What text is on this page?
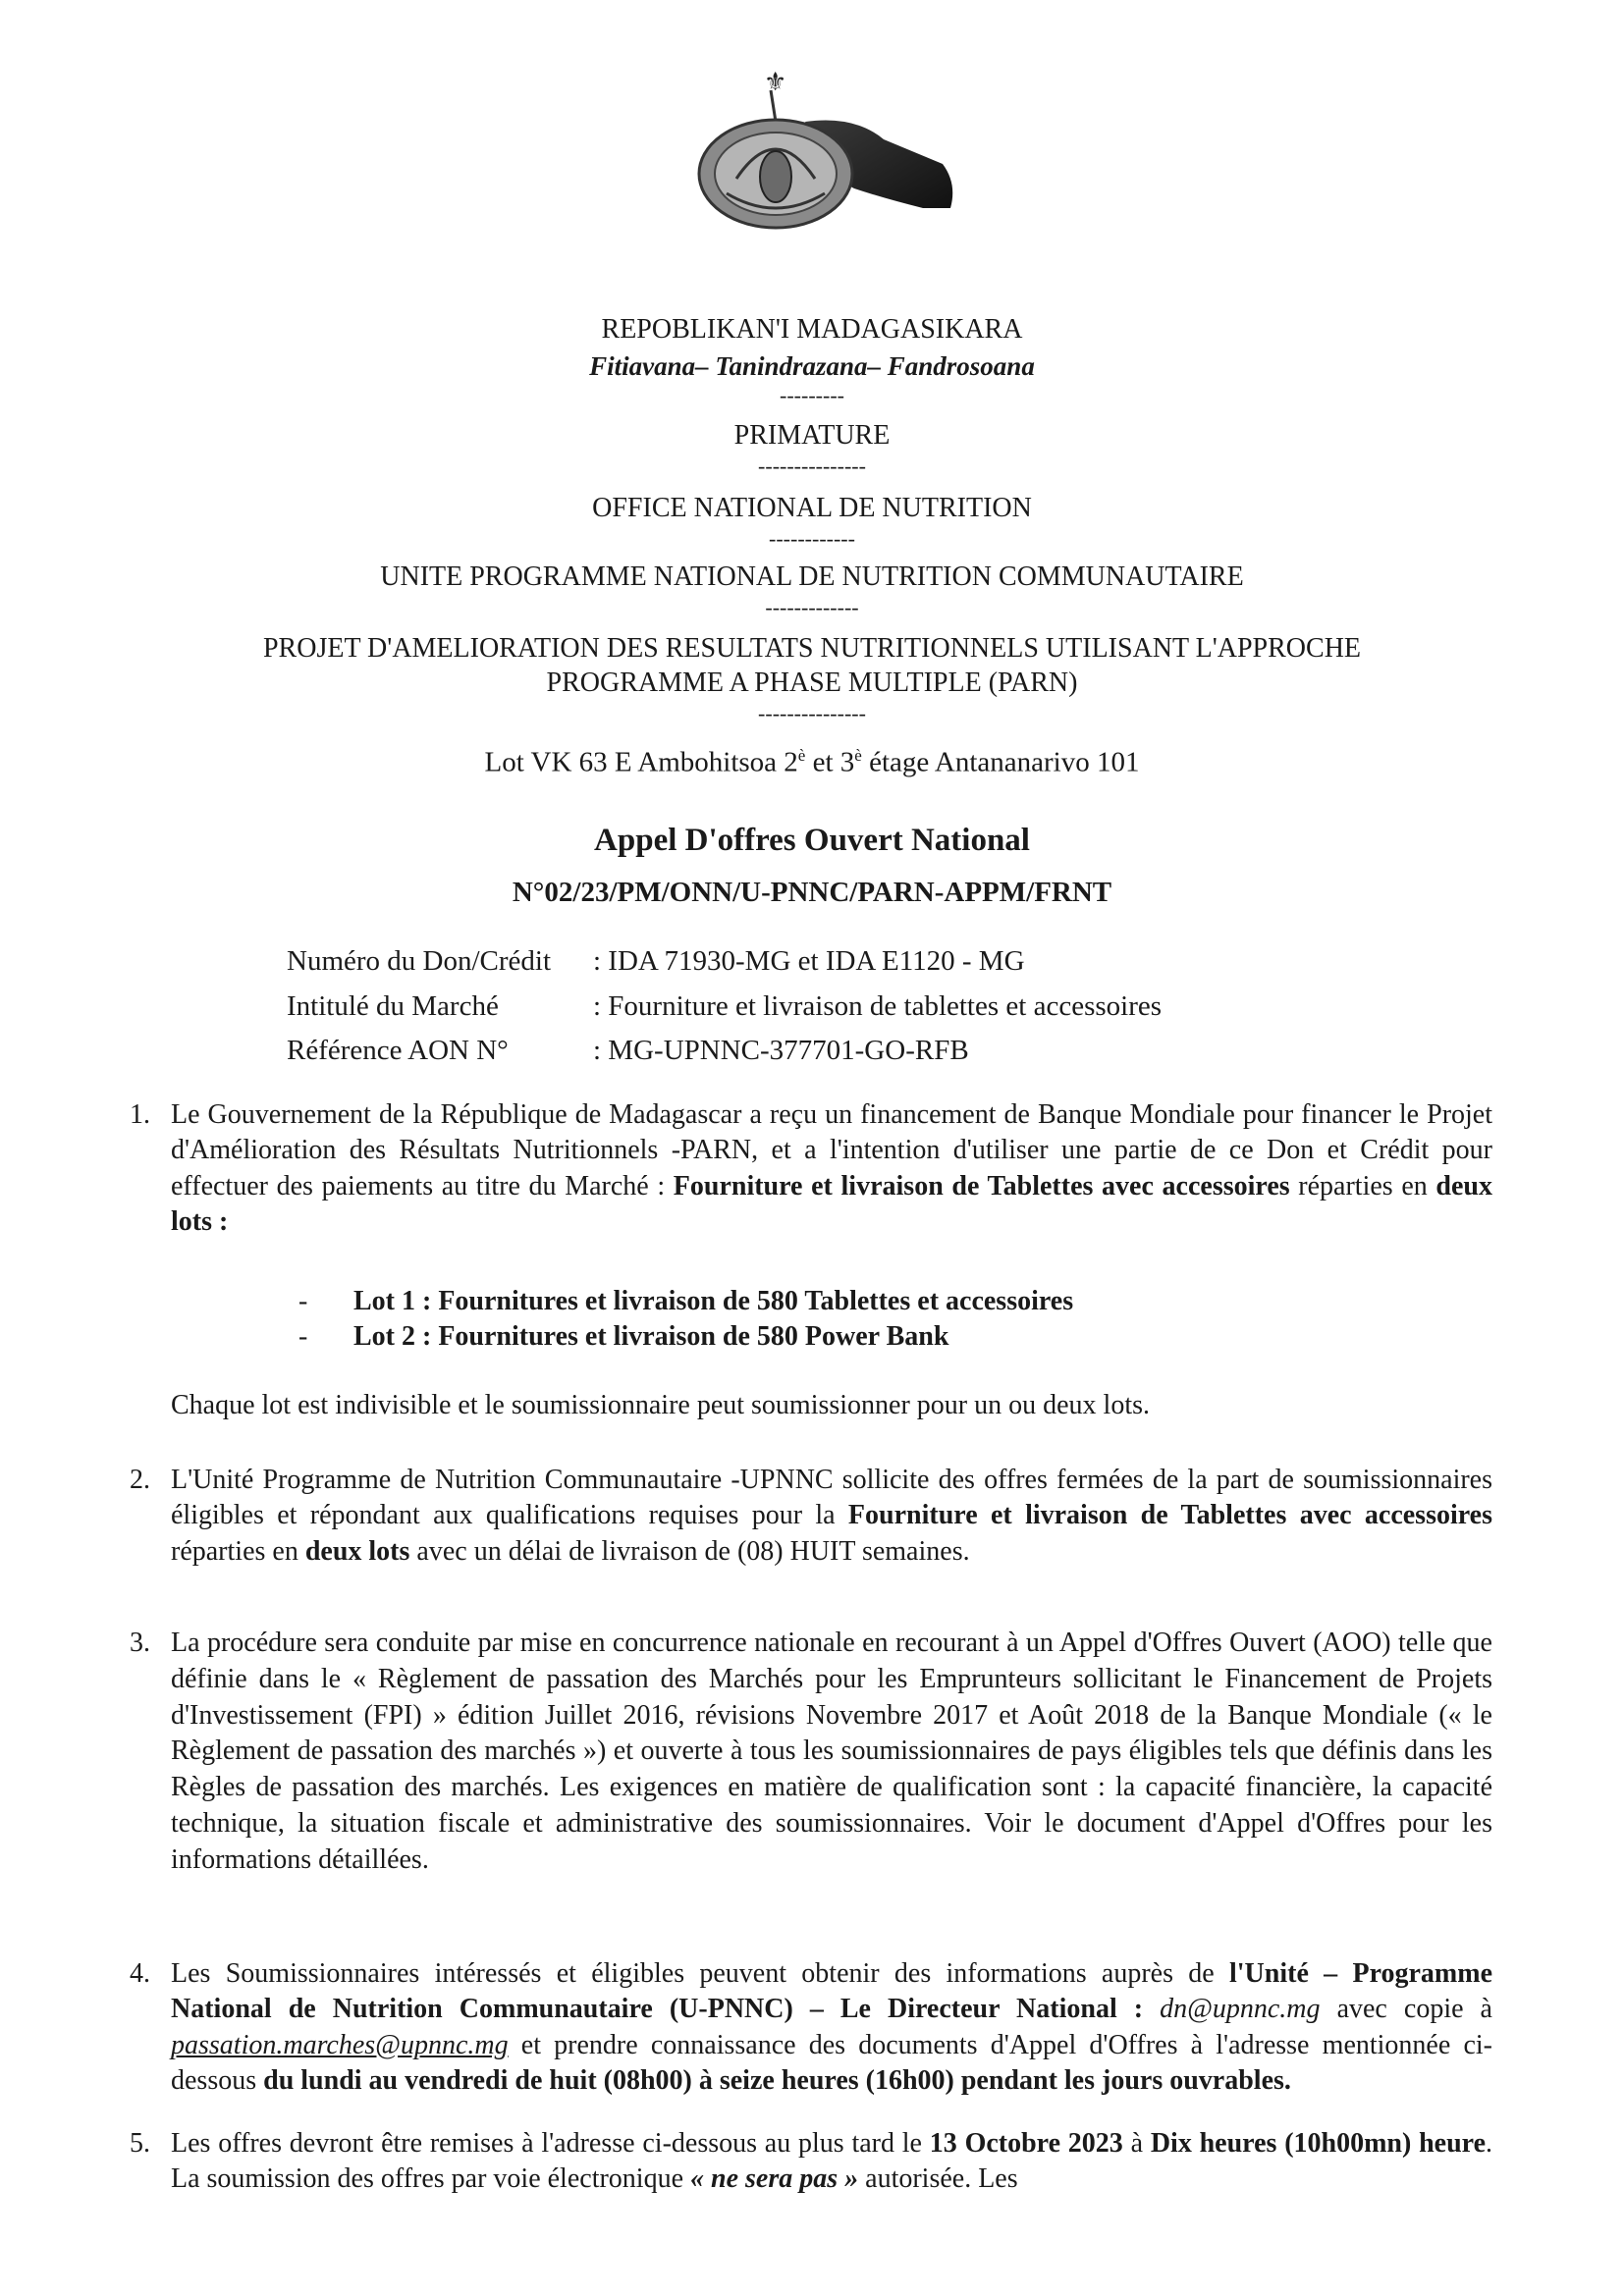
⚜
REPOBLIKAN'I MADAGASIKARA
Fitiavana– Tanindrazana– Fandrosoana
---------
PRIMATURE
---------------
OFFICE NATIONAL DE NUTRITION
------------
UNITE PROGRAMME NATIONAL DE NUTRITION COMMUNAUTAIRE
-------------
PROJET D'AMELIORATION DES RESULTATS NUTRITIONNELS UTILISANT L'APPROCHE
PROGRAMME A PHASE MULTIPLE (PARN)
---------------
Lot VK 63 E Ambohitsoa $2^è$ et $3^è$ étage Antananarivo 101
Appel D'offres Ouvert National
N°02/23/PM/ONN/U-PNNC/PARN-APPM/FRNT
Numéro du Don/Crédit : IDA 71930-MG et IDA E1120 - MG
Intitulé du Marché	: Fourniture et livraison de tablettes et accessoires
Référence AON N°	: MG-UPNNC-377701-GO-RFB
1. Le Gouvernement de la République de Madagascar a reçu un financement de Banque Mondiale pour financer le Projet d'Amélioration des Résultats Nutritionnels -PARN, et a l'intention d'utiliser une partie de ce Don et Crédit pour effectuer des paiements au titre du Marché : Fourniture et livraison de Tablettes avec accessoires réparties en deux lots :
- Lot 1 : Fournitures et livraison de 580 Tablettes et accessoires
- Lot 2 : Fournitures et livraison de 580 Power Bank
Chaque lot est indivisible et le soumissionnaire peut soumissionner pour un ou deux lots.
2. L'Unité Programme de Nutrition Communautaire -UPNNC sollicite des offres fermées de la part de soumissionnaires éligibles et répondant aux qualifications requises pour la Fourniture et livraison de Tablettes avec accessoires réparties en deux lots avec un délai de livraison de (08) HUIT semaines.
3. La procédure sera conduite par mise en concurrence nationale en recourant à un Appel d'Offres Ouvert (AOO) telle que définie dans le « Règlement de passation des Marchés pour les Emprunteurs sollicitant le Financement de Projets d'Investissement (FPI) » édition Juillet 2016, révisions Novembre 2017 et Août 2018 de la Banque Mondiale (« le Règlement de passation des marchés ») et ouverte à tous les soumissionnaires de pays éligibles tels que définis dans les Règles de passation des marchés. Les exigences en matière de qualification sont : la capacité financière, la capacité technique, la situation fiscale et administrative des soumissionnaires. Voir le document d'Appel d'Offres pour les informations détaillées.
4. Les Soumissionnaires intéressés et éligibles peuvent obtenir des informations auprès de l'Unité – Programme National de Nutrition Communautaire (U-PNNC) – Le Directeur National : dn@upnnc.mg avec copie à passation.marches@upnnc.mg et prendre connaissance des documents d'Appel d'Offres à l'adresse mentionnée ci-dessous du lundi au vendredi de huit (08h00) à seize heures (16h00) pendant les jours ouvrables.
5. Les offres devront être remises à l'adresse ci-dessous au plus tard le 13 Octobre 2023 à Dix heures (10h00mn) heure. La soumission des offres par voie électronique « ne sera pas » autorisée. Les
